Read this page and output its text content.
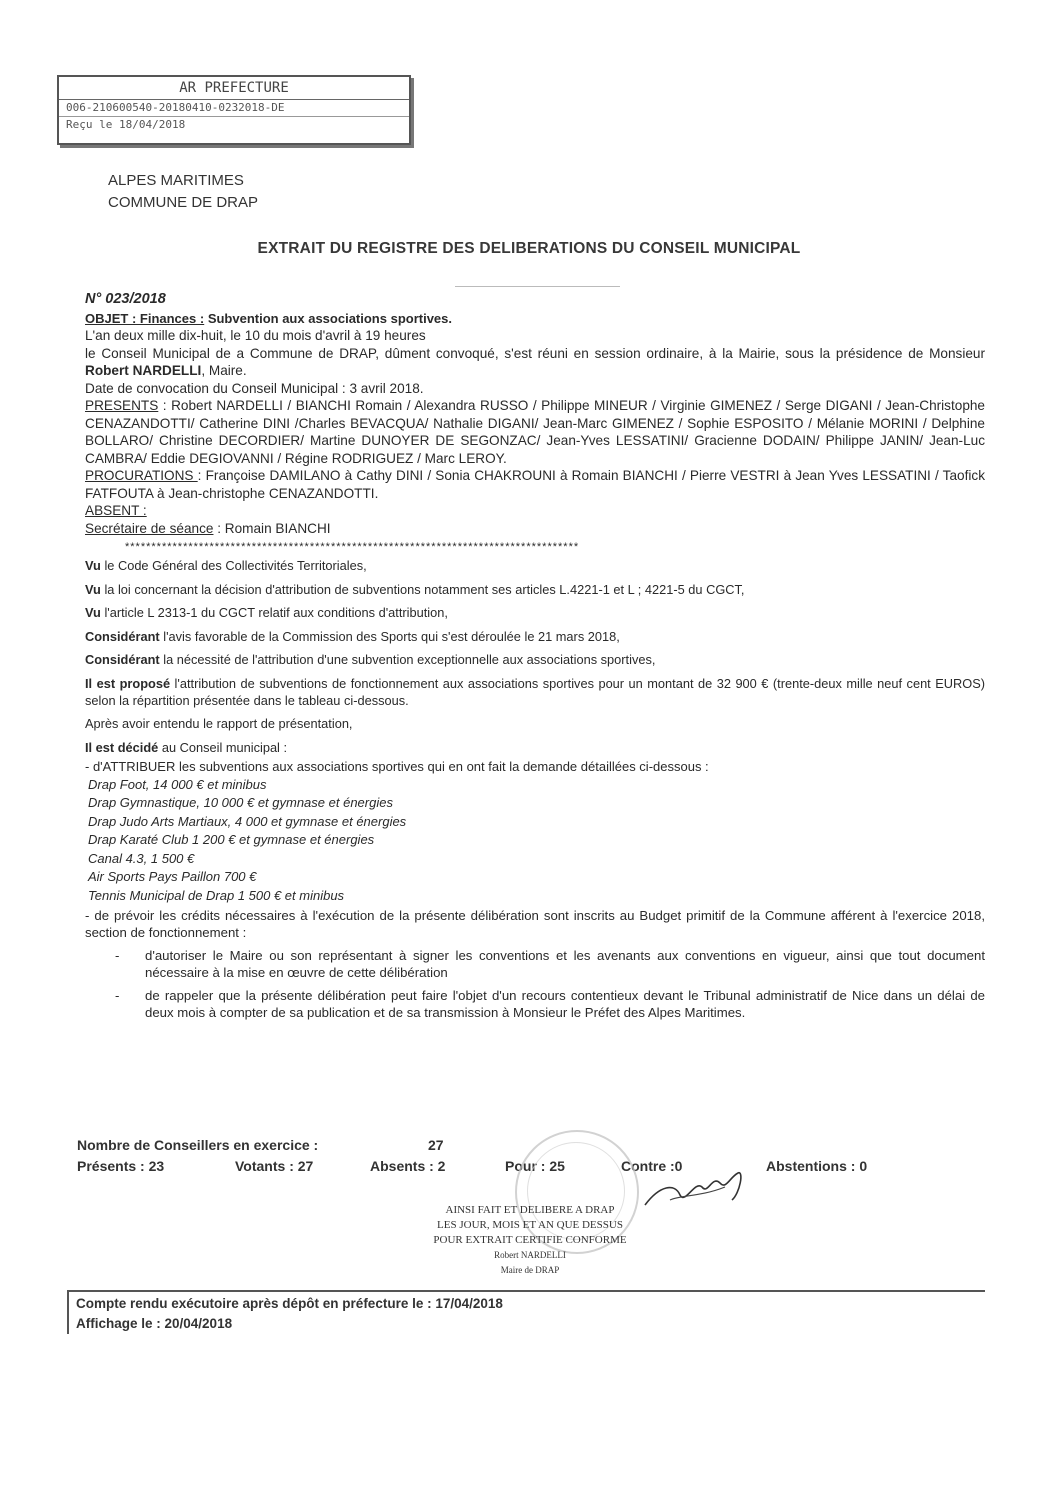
AR PREFECTURE
006-210600540-20180410-0232018-DE
Reçu le 18/04/2018
ALPES MARITIMES
COMMUNE DE DRAP
EXTRAIT DU REGISTRE DES DELIBERATIONS DU CONSEIL MUNICIPAL

N° 023/2018

OBJET : Finances : Subvention aux associations sportives.

L'an deux mille dix-huit, le 10 du mois d'avril à 19 heures

le Conseil Municipal de a Commune de DRAP, dûment convoqué, s'est réuni en session ordinaire, à la Mairie, sous la présidence de Monsieur Robert NARDELLI, Maire.

Date de convocation du Conseil Municipal : 3 avril 2018.

PRESENTS : Robert NARDELLI / BIANCHI Romain / Alexandra RUSSO / Philippe MINEUR / Virginie GIMENEZ / Serge DIGANI / Jean-Christophe CENAZANDOTTI/ Catherine DINI /Charles BEVACQUA/ Nathalie DIGANI/ Jean-Marc GIMENEZ / Sophie ESPOSITO / Mélanie MORINI / Delphine BOLLARO/ Christine DECORDIER/ Martine DUNOYER DE SEGONZAC/ Jean-Yves LESSATINI/ Gracienne DODAIN/ Philippe JANIN/ Jean-Luc CAMBRA/ Eddie DEGIOVANNI / Régine RODRIGUEZ / Marc LEROY.

PROCURATIONS : Françoise DAMILANO à Cathy DINI / Sonia CHAKROUNI à Romain BIANCHI / Pierre VESTRI à Jean Yves LESSATINI / Taofick FATFOUTA à Jean-christophe CENAZANDOTTI.

ABSENT :

Secrétaire de séance : Romain BIANCHI

**************************************************************************************

Vu le Code Général des Collectivités Territoriales,

Vu la loi concernant la décision d'attribution de subventions notamment ses articles L.4221-1 et L ; 4221-5 du CGCT,

Vu l'article L 2313-1 du CGCT relatif aux conditions d'attribution,

Considérant l'avis favorable de la Commission des Sports qui s'est déroulée le 21 mars 2018,

Considérant la nécessité de l'attribution d'une subvention exceptionnelle aux associations sportives,

Il est proposé l'attribution de subventions de fonctionnement aux associations sportives pour un montant de 32 900 € (trente-deux mille neuf cent EUROS) selon la répartition présentée dans le tableau ci-dessous.

Après avoir entendu le rapport de présentation,

Il est décidé au Conseil municipal :

- d'ATTRIBUER les subventions aux associations sportives qui en ont fait la demande détaillées ci-dessous :

Drap Foot, 14 000 € et minibus
Drap Gymnastique, 10 000 € et gymnase et énergies
Drap Judo Arts Martiaux, 4 000 et gymnase et énergies
Drap Karaté Club 1 200 € et gymnase et énergies
Canal 4.3, 1 500 €
Air Sports Pays Paillon 700 €
Tennis Municipal de Drap 1 500 € et minibus

- de prévoir les crédits nécessaires à l'exécution de la présente délibération sont inscrits au Budget primitif de la Commune afférent à l'exercice 2018, section de fonctionnement :

- d'autoriser le Maire ou son représentant à signer les conventions et les avenants aux conventions en vigueur, ainsi que tout document nécessaire à la mise en œuvre de cette délibération
- de rappeler que la présente délibération peut faire l'objet d'un recours contentieux devant le Tribunal administratif de Nice dans un délai de deux mois à compter de sa publication et de sa transmission à Monsieur le Préfet des Alpes Maritimes.
Nombre de Conseillers en exercice :	27
Présents : 23	Votants : 27	Absents : 2	Pour : 25	Contre :0	Abstentions : 0
AINSI FAIT ET DELIBERE A DRAP
LES JOUR, MOIS ET AN QUE DESSUS
POUR EXTRAIT CERTIFIE CONFORME
Robert NARDELLI
Maire de DRAP
Compte rendu exécutoire après dépôt en préfecture le : 17/04/2018
Affichage le : 20/04/2018
